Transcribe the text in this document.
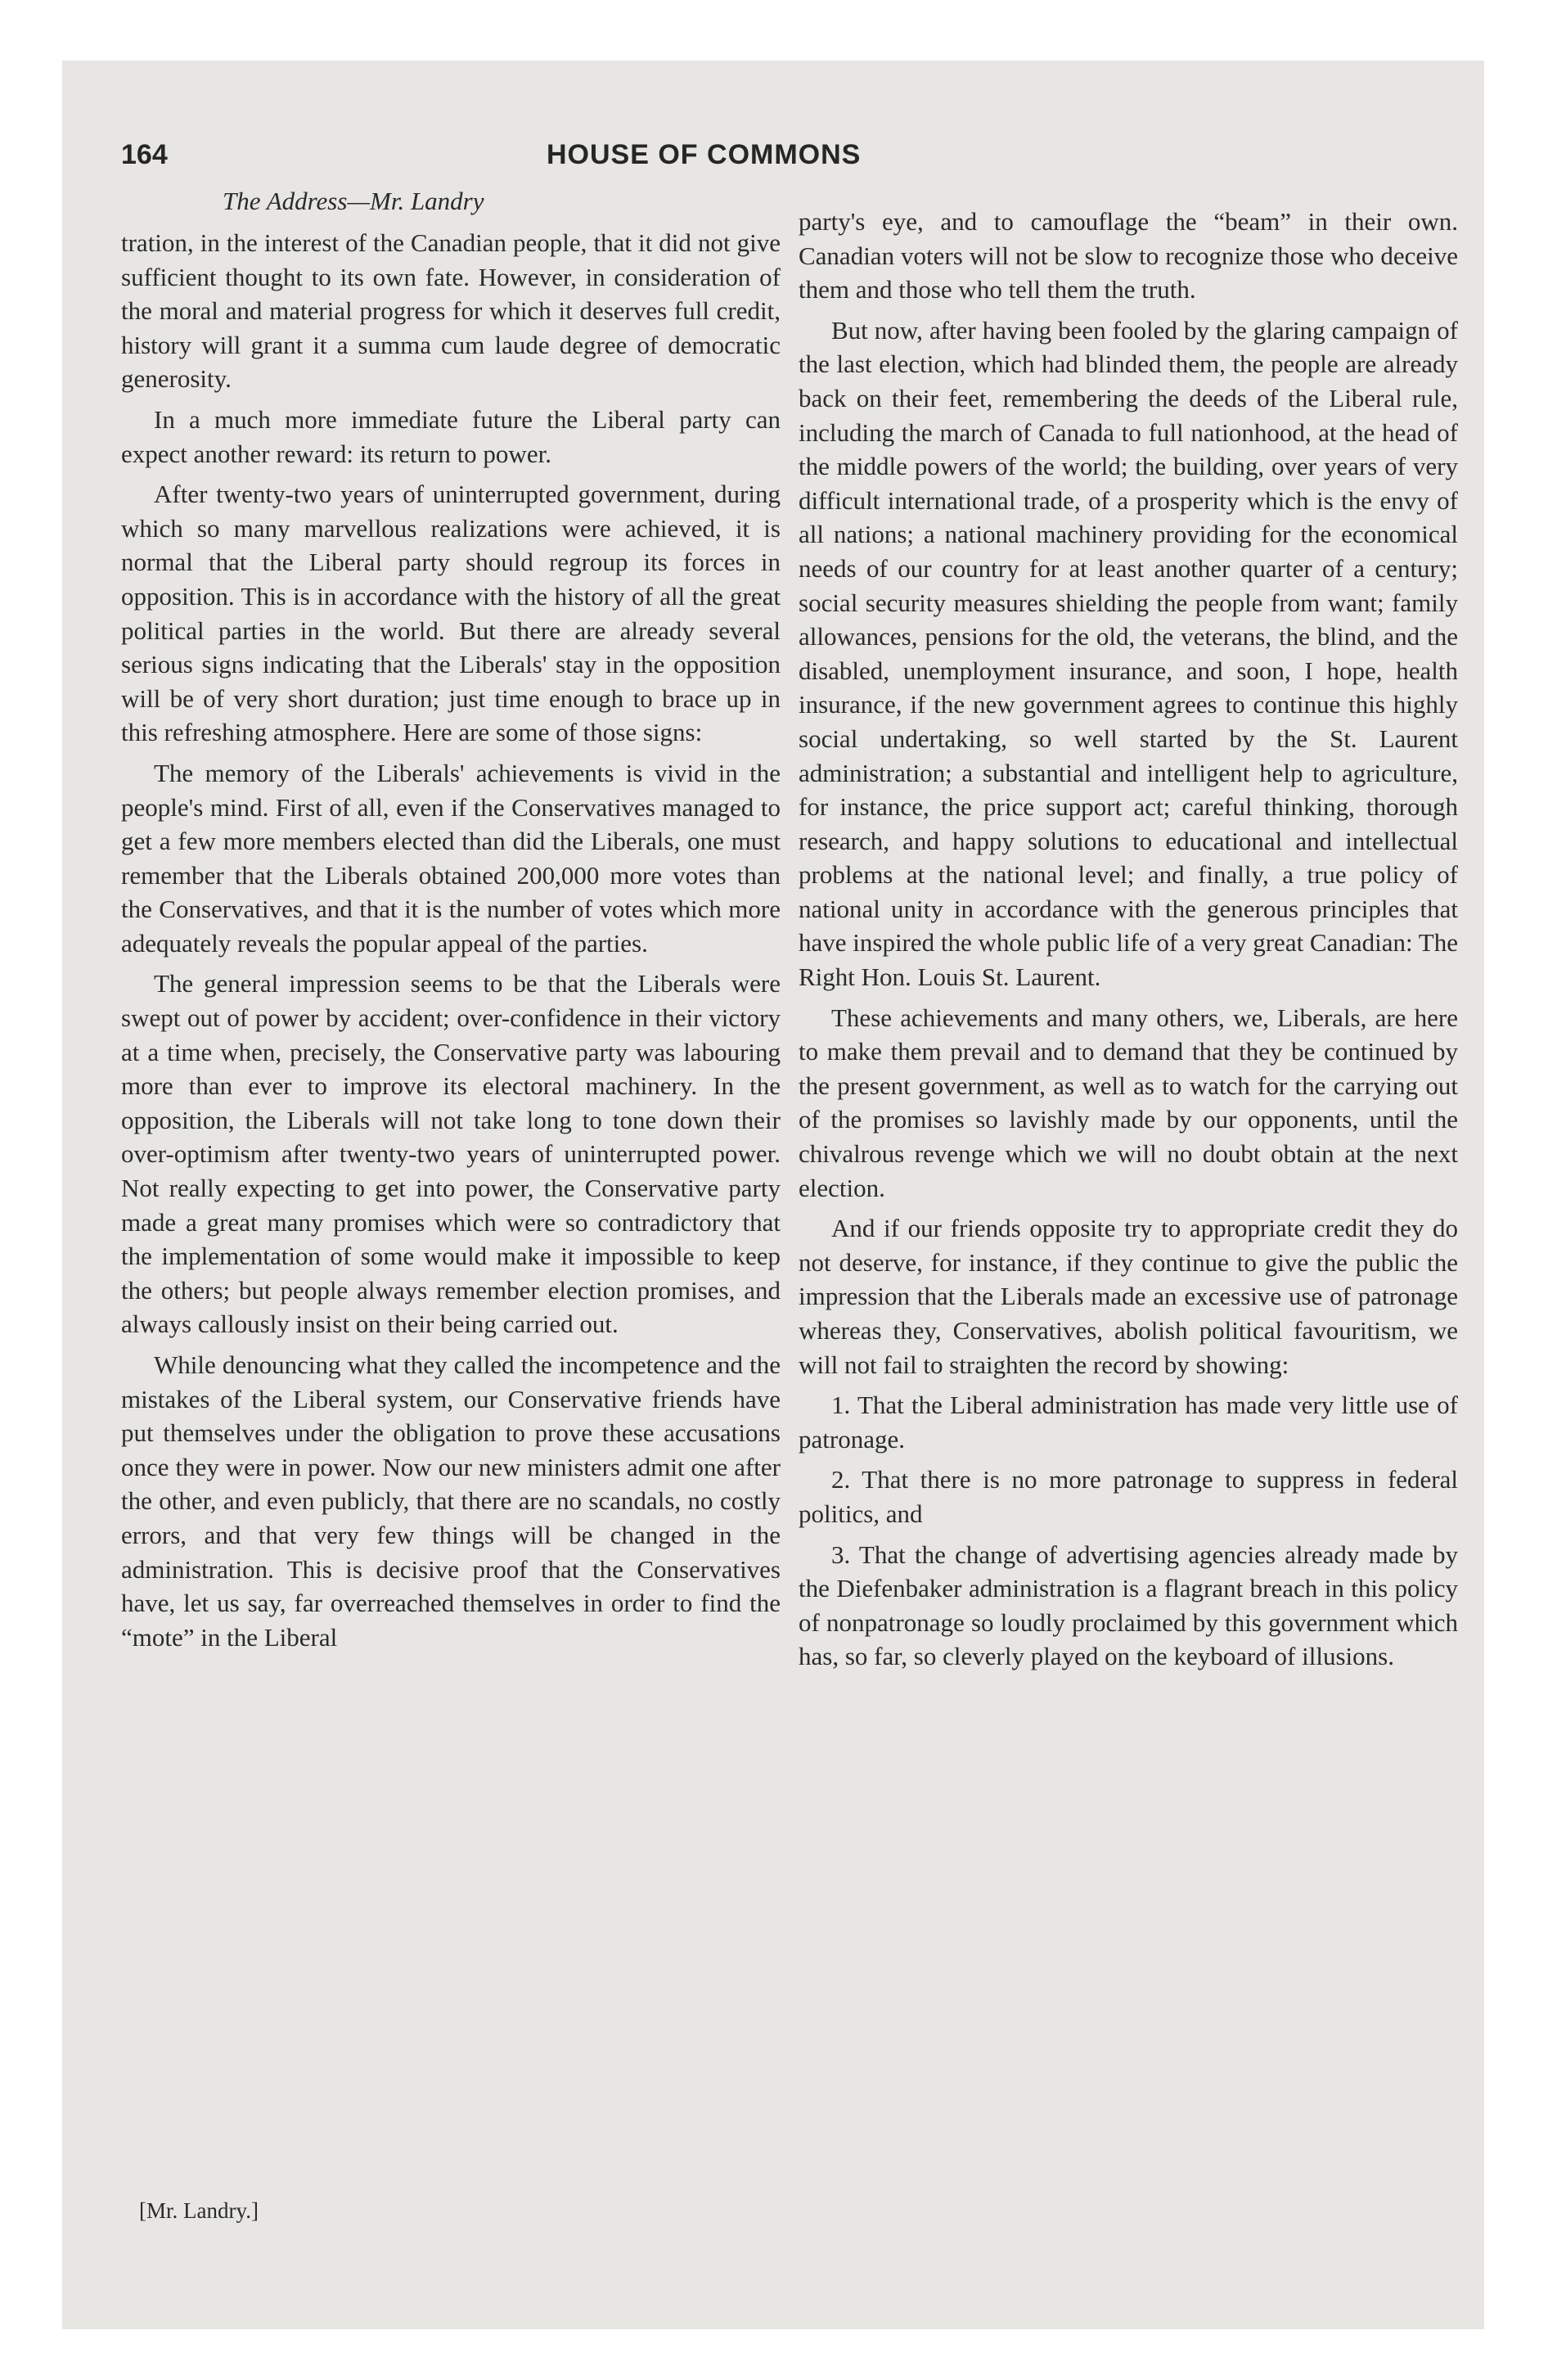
164	HOUSE OF COMMONS
The Address—Mr. Landry

tration, in the interest of the Canadian people, that it did not give sufficient thought to its own fate. However, in consideration of the moral and material progress for which it deserves full credit, history will grant it a summa cum laude degree of democratic generosity.

In a much more immediate future the Liberal party can expect another reward: its return to power.

After twenty-two years of uninterrupted government, during which so many marvellous realizations were achieved, it is normal that the Liberal party should regroup its forces in opposition. This is in accordance with the history of all the great political parties in the world. But there are already several serious signs indicating that the Liberals' stay in the opposition will be of very short duration; just time enough to brace up in this refreshing atmosphere. Here are some of those signs:

The memory of the Liberals' achievements is vivid in the people's mind. First of all, even if the Conservatives managed to get a few more members elected than did the Liberals, one must remember that the Liberals obtained 200,000 more votes than the Conservatives, and that it is the number of votes which more adequately reveals the popular appeal of the parties.

The general impression seems to be that the Liberals were swept out of power by accident; over-confidence in their victory at a time when, precisely, the Conservative party was labouring more than ever to improve its electoral machinery. In the opposition, the Liberals will not take long to tone down their over-optimism after twenty-two years of uninterrupted power. Not really expecting to get into power, the Conservative party made a great many promises which were so contradictory that the implementation of some would make it impossible to keep the others; but people always remember election promises, and always callously insist on their being carried out.

While denouncing what they called the incompetence and the mistakes of the Liberal system, our Conservative friends have put themselves under the obligation to prove these accusations once they were in power. Now our new ministers admit one after the other, and even publicly, that there are no scandals, no costly errors, and that very few things will be changed in the administration. This is decisive proof that the Conservatives have, let us say, far overreached themselves in order to find the “mote” in the Liberal

party's eye, and to camouflage the “beam” in their own. Canadian voters will not be slow to recognize those who deceive them and those who tell them the truth.

But now, after having been fooled by the glaring campaign of the last election, which had blinded them, the people are already back on their feet, remembering the deeds of the Liberal rule, including the march of Canada to full nationhood, at the head of the middle powers of the world; the building, over years of very difficult international trade, of a prosperity which is the envy of all nations; a national machinery providing for the economical needs of our country for at least another quarter of a century; social security measures shielding the people from want; family allowances, pensions for the old, the veterans, the blind, and the disabled, unemployment insurance, and soon, I hope, health insurance, if the new government agrees to continue this highly social undertaking, so well started by the St. Laurent administration; a substantial and intelligent help to agriculture, for instance, the price support act; careful thinking, thorough research, and happy solutions to educational and intellectual problems at the national level; and finally, a true policy of national unity in accordance with the generous principles that have inspired the whole public life of a very great Canadian: The Right Hon. Louis St. Laurent.

These achievements and many others, we, Liberals, are here to make them prevail and to demand that they be continued by the present government, as well as to watch for the carrying out of the promises so lavishly made by our opponents, until the chivalrous revenge which we will no doubt obtain at the next election.

And if our friends opposite try to appropriate credit they do not deserve, for instance, if they continue to give the public the impression that the Liberals made an excessive use of patronage whereas they, Conservatives, abolish political favouritism, we will not fail to straighten the record by showing:

1. That the Liberal administration has made very little use of patronage.

2. That there is no more patronage to suppress in federal politics, and

3. That the change of advertising agencies already made by the Diefenbaker administration is a flagrant breach in this policy of nonpatronage so loudly proclaimed by this government which has, so far, so cleverly played on the keyboard of illusions.

[Mr. Landry.]
